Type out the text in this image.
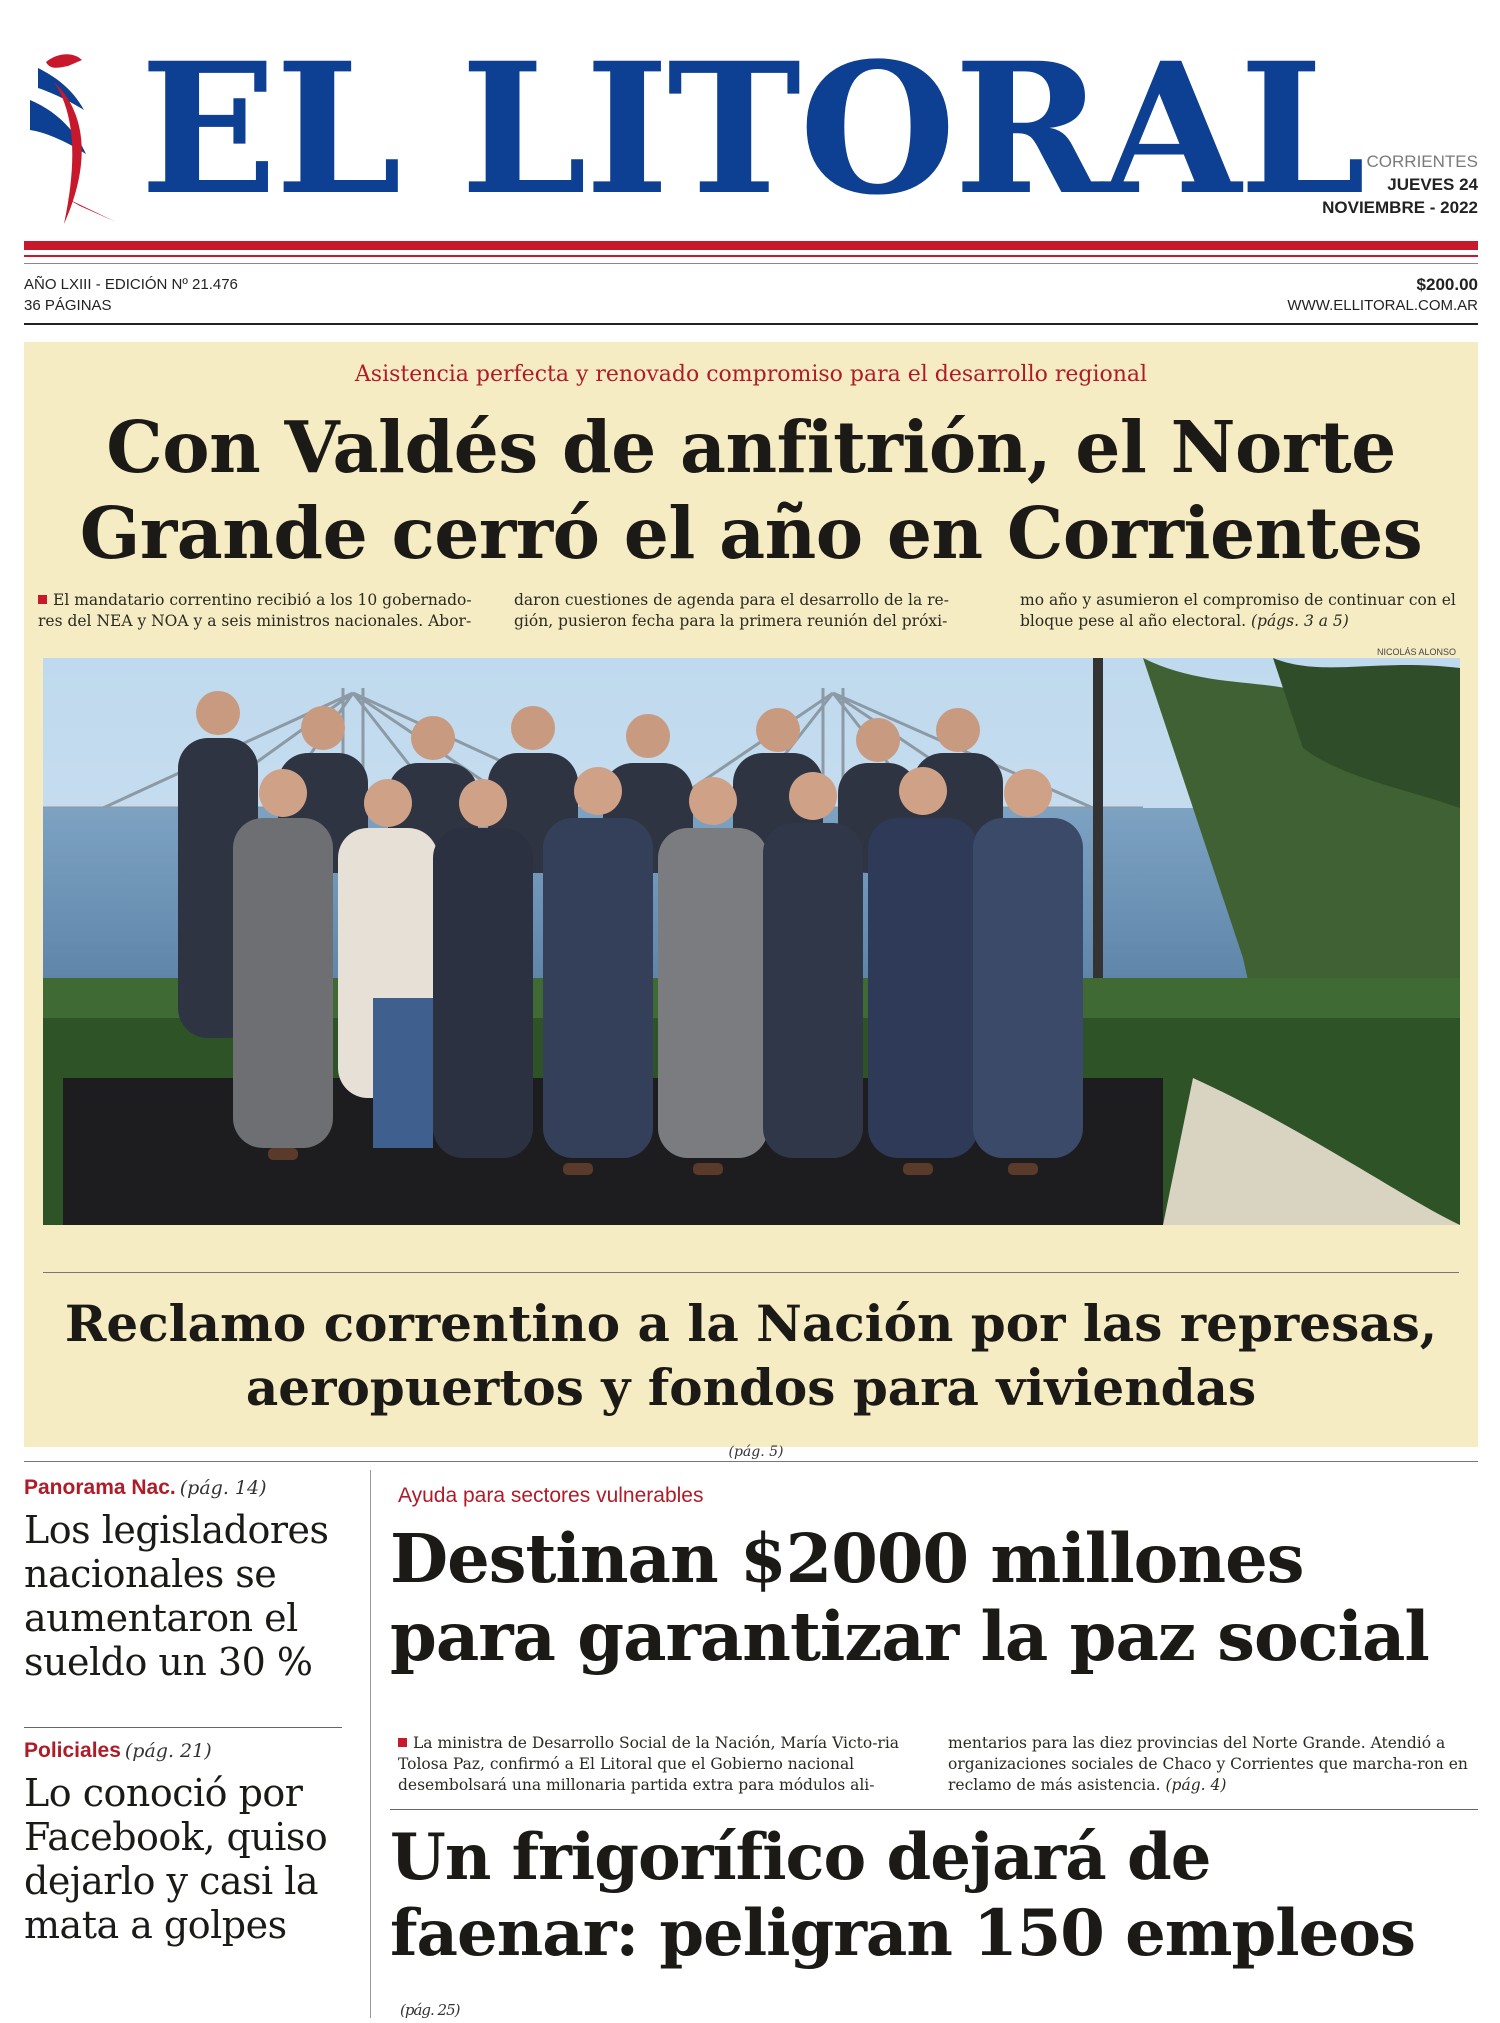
EL LITORAL CORRIENTES
JUEVES 24
NOVIEMBRE - 2022
AÑO LXIII - EDICIÓN Nº 21.476
36 PÁGINAS
$200.00
WWW.ELLITORAL.COM.AR
Asistencia perfecta y renovado compromiso para el desarrollo regional
Con Valdés de anfitrión, el Norte
Grande cerró el año en Corrientes

El mandatario correntino recibió a los 10 gobernado-res del NEA y NOA y a seis ministros nacionales. Abor-

daron cuestiones de agenda para el desarrollo de la re-gión, pusieron fecha para la primera reunión del próxi-

mo año y asumieron el compromiso de continuar con el bloque pese al año electoral. (págs. 3 a 5)

NICOLÁS ALONSO
Reclamo correntino a la Nación por las represas,
aeropuertos y fondos para viviendas
(pág. 5)
Panorama Nac. (pág. 14)
Los legisladores nacionales se aumentaron el sueldo un 30 %
Policiales (pág. 21)
Lo conoció por Facebook, quiso dejarlo y casi la mata a golpes
Ayuda para sectores vulnerables
Destinan $2000 millones
para garantizar la paz social

La ministra de Desarrollo Social de la Nación, María Victo-ria Tolosa Paz, confirmó a El Litoral que el Gobierno nacional desembolsará una millonaria partida extra para módulos ali-

mentarios para las diez provincias del Norte Grande. Atendió a organizaciones sociales de Chaco y Corrientes que marcha-ron en reclamo de más asistencia. (pág. 4)

Un frigorífico dejará de
faenar: peligran 150 empleos
(pág. 25)
